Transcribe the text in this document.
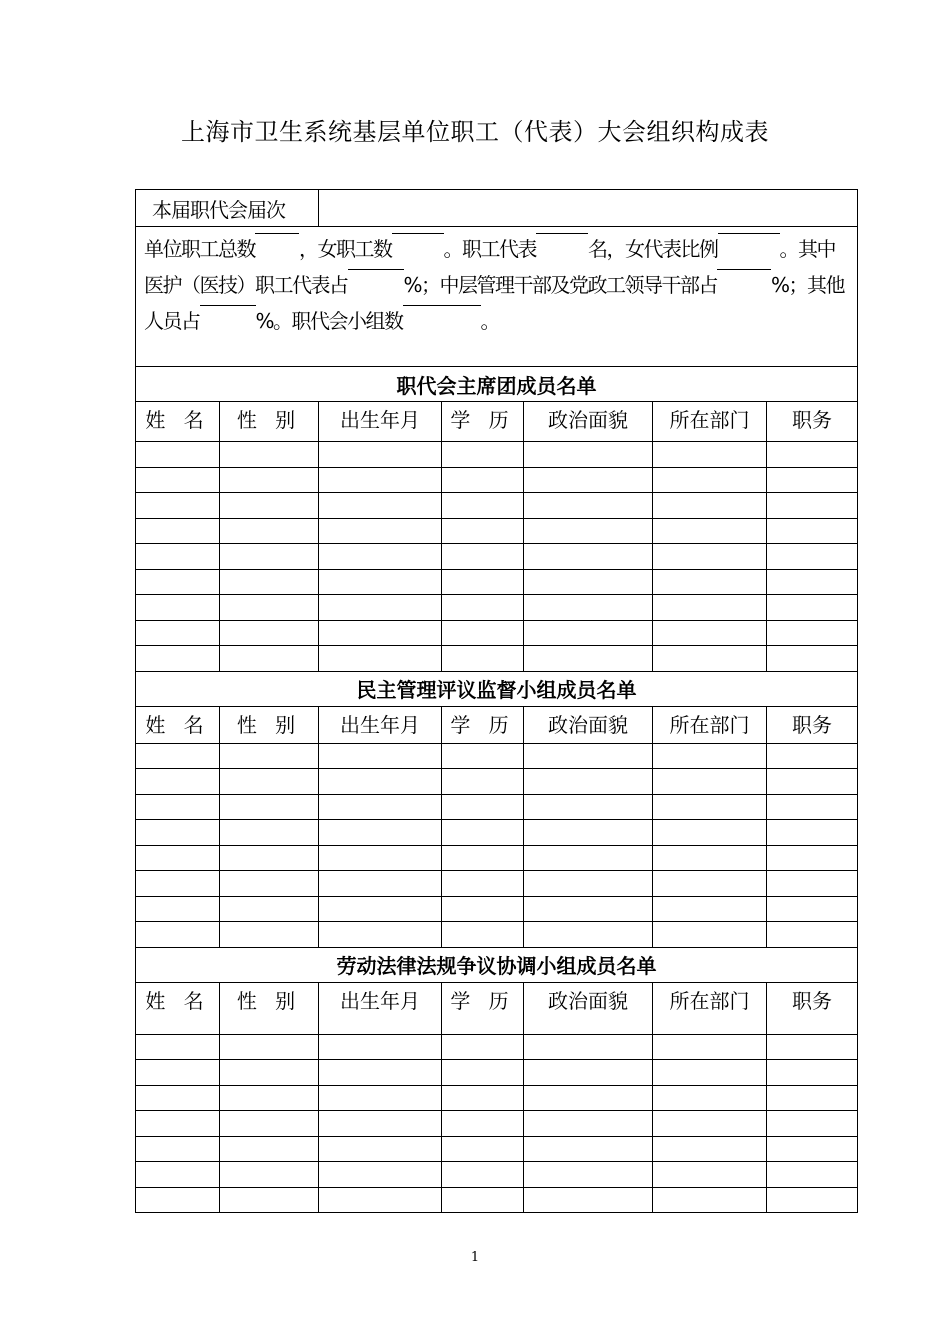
上海市卫生系统基层单位职工（代表）大会组织构成表
本届职代会届次						
单位职工总数 ，女职工数 。职工代表 名，女代表比例 。其中医护（医技）职工代表占 %；中层管理干部及党政工领导干部占 %；其他人员占 %。职代会小组数 。						
职代会主席团成员名单						
姓 名	性 别	出生年月	学 历	政治面貌	所在部门	职务

民主管理评议监督小组成员名单						
姓 名	性 别	出生年月	学 历	政治面貌	所在部门	职务

劳动法律法规争议协调小组成员名单						
姓 名	性 别	出生年月	学 历	政治面貌	所在部门	职务

1
